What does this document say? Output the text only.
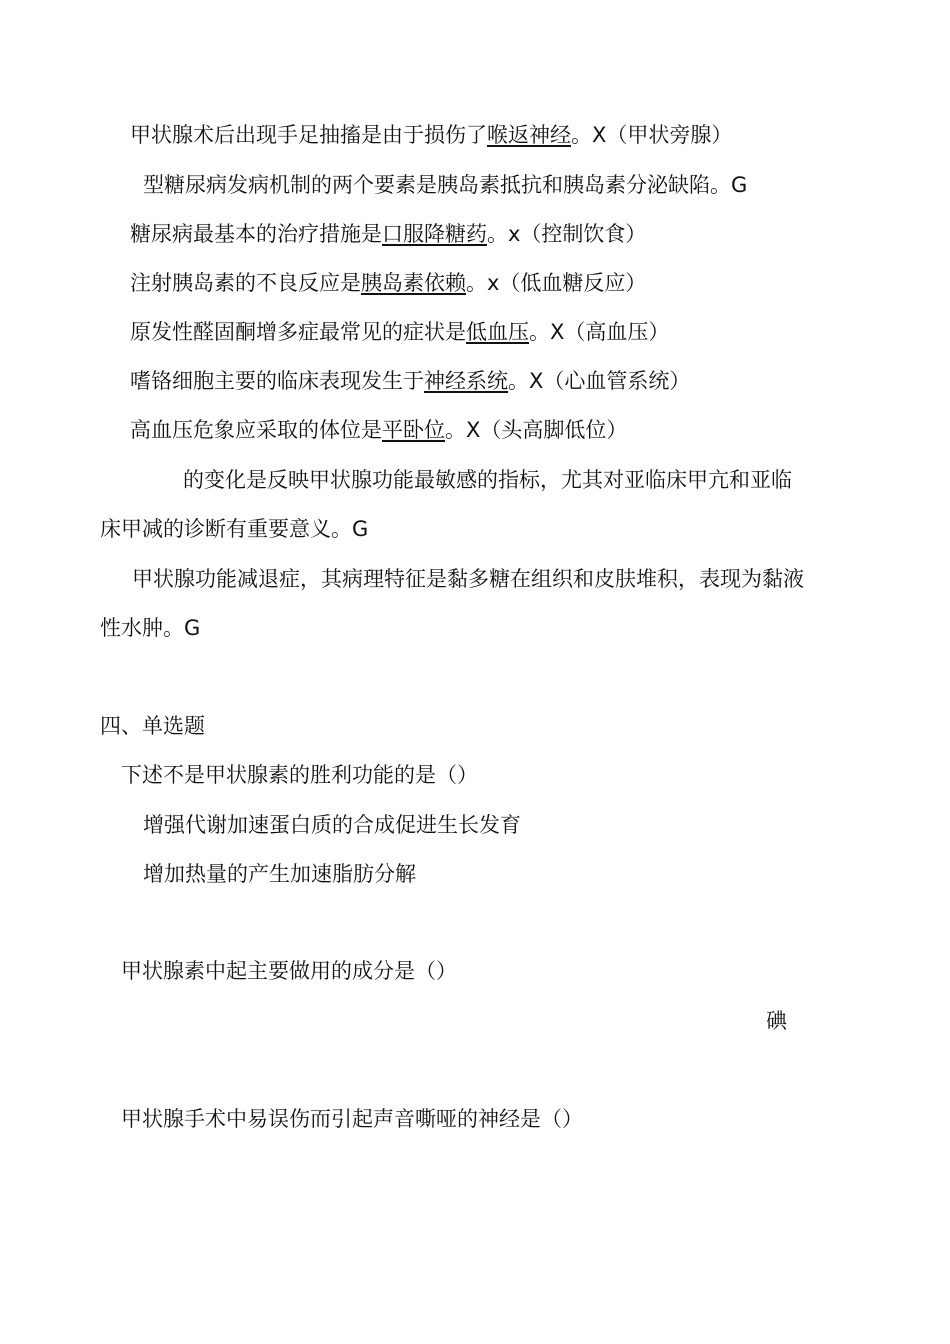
甲状腺术后出现手足抽搐是由于损伤了喉返神经。X（甲状旁腺）
型糖尿病发病机制的两个要素是胰岛素抵抗和胰岛素分泌缺陷。G
糖尿病最基本的治疗措施是口服降糖药。x（控制饮食）
注射胰岛素的不良反应是胰岛素依赖。x（低血糖反应）
原发性醛固酮增多症最常见的症状是低血压。X（高血压）
嗜铬细胞主要的临床表现发生于神经系统。X（心血管系统）
高血压危象应采取的体位是平卧位。X（头高脚低位）
的变化是反映甲状腺功能最敏感的指标，尤其对亚临床甲亢和亚临
床甲减的诊断有重要意义。G
甲状腺功能减退症，其病理特征是黏多糖在组织和皮肤堆积，表现为黏液
性水肿。G
四、单选题
下述不是甲状腺素的胜利功能的是（）
增强代谢加速蛋白质的合成促进生长发育
增加热量的产生加速脂肪分解
甲状腺素中起主要做用的成分是（）
碘
甲状腺手术中易误伤而引起声音嘶哑的神经是（）
